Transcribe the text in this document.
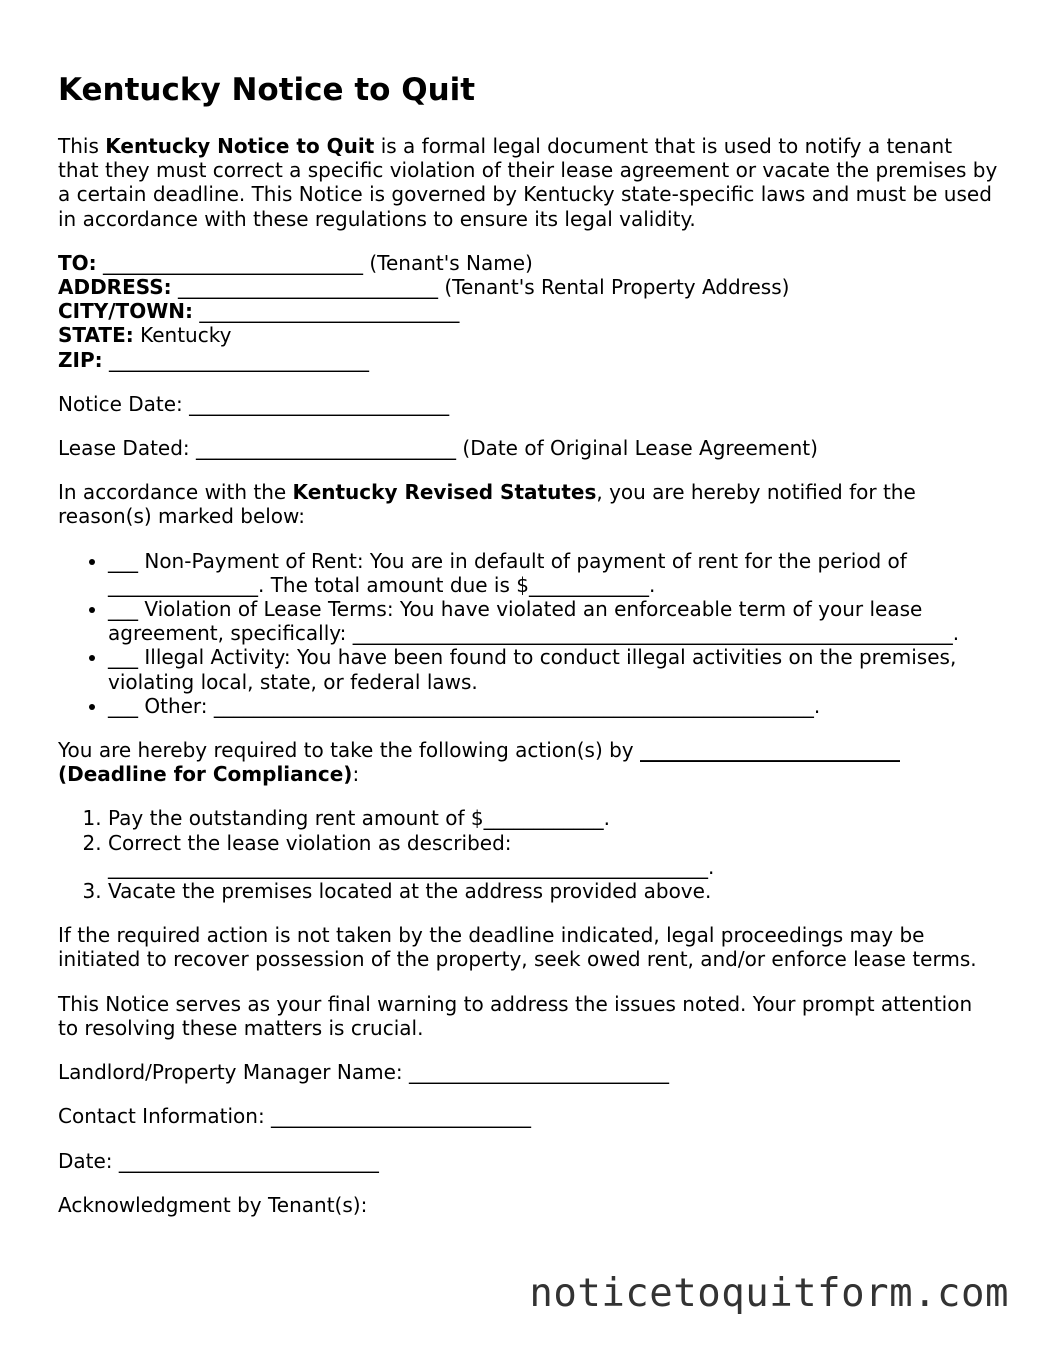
Kentucky Notice to Quit

This Kentucky Notice to Quit is a formal legal document that is used to notify a tenant that they must correct a specific violation of their lease agreement or vacate the premises by a certain deadline. This Notice is governed by Kentucky state-specific laws and must be used in accordance with these regulations to ensure its legal validity.

TO: __________________________ (Tenant's Name)
ADDRESS: __________________________ (Tenant's Rental Property Address)
CITY/TOWN: __________________________
STATE: Kentucky
ZIP: __________________________

Notice Date: __________________________

Lease Dated: __________________________ (Date of Original Lease Agreement)

In accordance with the Kentucky Revised Statutes, you are hereby notified for the reason(s) marked below:

• ___ Non-Payment of Rent: You are in default of payment of rent for the period of _______________. The total amount due is $____________.
• ___ Violation of Lease Terms: You have violated an enforceable term of your lease agreement, specifically: ____________________________________________________________.
• ___ Illegal Activity: You have been found to conduct illegal activities on the premises, violating local, state, or federal laws.
• ___ Other: ____________________________________________________________.

You are hereby required to take the following action(s) by __________________________ (Deadline for Compliance):

1. Pay the outstanding rent amount of $____________.
2. Correct the lease violation as described: ____________________________________________________________.
3. Vacate the premises located at the address provided above.

If the required action is not taken by the deadline indicated, legal proceedings may be initiated to recover possession of the property, seek owed rent, and/or enforce lease terms.

This Notice serves as your final warning to address the issues noted. Your prompt attention to resolving these matters is crucial.

Landlord/Property Manager Name: __________________________

Contact Information: __________________________

Date: __________________________

Acknowledgment by Tenant(s):

noticetoquitform.com
